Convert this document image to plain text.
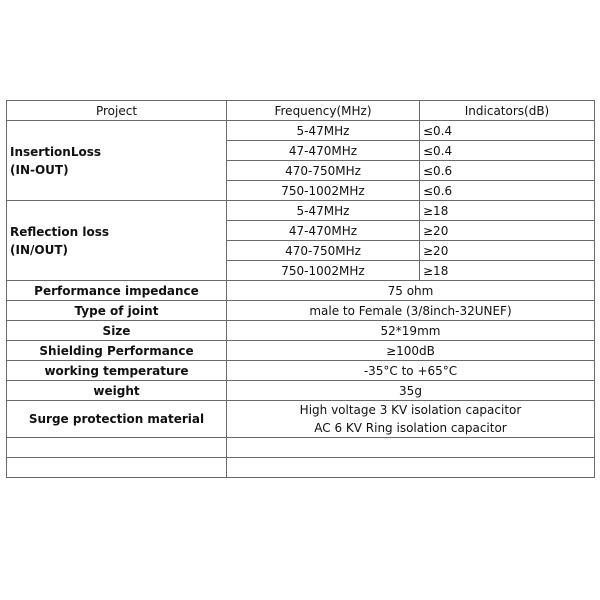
Project	Frequency(MHz)	Indicators(dB)

InsertionLoss
(IN-OUT)	5-47MHz	≤0.4
	47-470MHz	≤0.4
	470-750MHz	≤0.6
	750-1002MHz	≤0.6

Reflection loss
(IN/OUT)	5-47MHz	≥18
	47-470MHz	≥20
	470-750MHz	≥20
	750-1002MHz	≥18
Performance impedance	75 ohm	
Type of joint	male to Female (3/8inch-32UNEF)	
Size	52*19mm	
Shielding Performance	≥100dB	
working temperature	-35°C to +65°C	
weight	35g	
Surge protection material	High voltage 3 KV isolation capacitor
AC 6 KV Ring isolation capacitor	
